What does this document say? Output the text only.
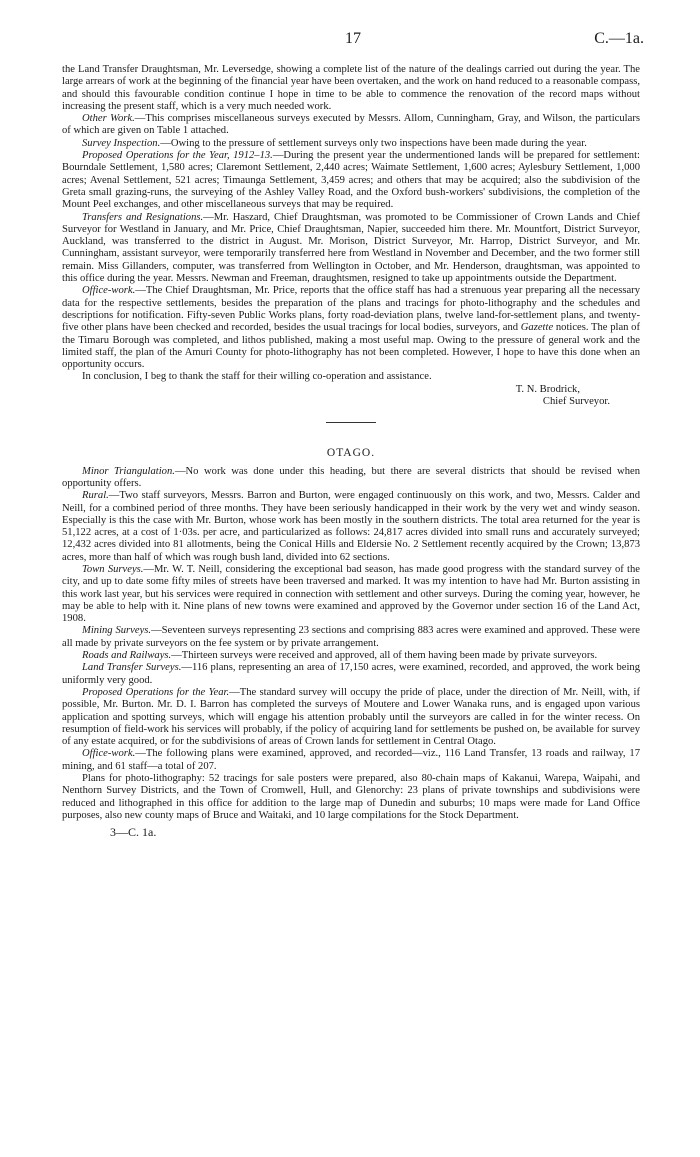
17	C.—1a.

the Land Transfer Draughtsman, Mr. Leversedge, showing a complete list of the nature of the dealings carried out during the year. The large arrears of work at the beginning of the financial year have been overtaken, and the work on hand reduced to a reasonable compass, and should this favourable condition continue I hope in time to be able to commence the renovation of the record maps without increasing the present staff, which is a very much needed work.

Other Work.—This comprises miscellaneous surveys executed by Messrs. Allom, Cunningham, Gray, and Wilson, the particulars of which are given on Table 1 attached.

Survey Inspection.—Owing to the pressure of settlement surveys only two inspections have been made during the year.

Proposed Operations for the Year, 1912–13.—During the present year the undermentioned lands will be prepared for settlement: Bourndale Settlement, 1,580 acres; Claremont Settlement, 2,440 acres; Waimate Settlement, 1,600 acres; Aylesbury Settlement, 1,000 acres; Avenal Settlement, 521 acres; Timaunga Settlement, 3,459 acres; and others that may be acquired; also the subdivision of the Greta small grazing-runs, the surveying of the Ashley Valley Road, and the Oxford bush-workers' subdivisions, the completion of the Mount Peel exchanges, and other miscellaneous surveys that may be required.

Transfers and Resignations.—Mr. Haszard, Chief Draughtsman, was promoted to be Commissioner of Crown Lands and Chief Surveyor for Westland in January, and Mr. Price, Chief Draughtsman, Napier, succeeded him there. Mr. Mountfort, District Surveyor, Auckland, was transferred to the district in August. Mr. Morison, District Surveyor, Mr. Harrop, District Surveyor, and Mr. Cunningham, assistant surveyor, were temporarily transferred here from Westland in November and December, and the two former still remain. Miss Gillanders, computer, was transferred from Wellington in October, and Mr. Henderson, draughtsman, was appointed to this office during the year. Messrs. Newman and Freeman, draughtsmen, resigned to take up appointments outside the Department.

Office-work.—The Chief Draughtsman, Mr. Price, reports that the office staff has had a strenuous year preparing all the necessary data for the respective settlements, besides the preparation of the plans and tracings for photo-lithography and the schedules and descriptions for notification. Fifty-seven Public Works plans, forty road-deviation plans, twelve land-for-settlement plans, and twenty-five other plans have been checked and recorded, besides the usual tracings for local bodies, surveyors, and Gazette notices. The plan of the Timaru Borough was completed, and lithos published, making a most useful map. Owing to the pressure of general work and the limited staff, the plan of the Amuri County for photo-lithography has not been completed. However, I hope to have this done when an opportunity occurs.

In conclusion, I beg to thank the staff for their willing co-operation and assistance.

T. N. Brodrick,
Chief Surveyor.
OTAGO.

Minor Triangulation.—No work was done under this heading, but there are several districts that should be revised when opportunity offers.

Rural.—Two staff surveyors, Messrs. Barron and Burton, were engaged continuously on this work, and two, Messrs. Calder and Neill, for a combined period of three months. They have been seriously handicapped in their work by the very wet and windy season. Especially is this the case with Mr. Burton, whose work has been mostly in the southern districts. The total area returned for the year is 51,122 acres, at a cost of 1·03s. per acre, and particularized as follows: 24,817 acres divided into small runs and accurately surveyed; 12,432 acres divided into 81 allotments, being the Conical Hills and Eldersie No. 2 Settlement recently acquired by the Crown; 13,873 acres, more than half of which was rough bush land, divided into 62 sections.

Town Surveys.—Mr. W. T. Neill, considering the exceptional bad season, has made good progress with the standard survey of the city, and up to date some fifty miles of streets have been traversed and marked. It was my intention to have had Mr. Burton assisting in this work last year, but his services were required in connection with settlement and other surveys. During the coming year, however, he may be able to help with it. Nine plans of new towns were examined and approved by the Governor under section 16 of the Land Act, 1908.

Mining Surveys.—Seventeen surveys representing 23 sections and comprising 883 acres were examined and approved. These were all made by private surveyors on the fee system or by private arrangement.

Roads and Railways.—Thirteen surveys were received and approved, all of them having been made by private surveyors.

Land Transfer Surveys.—116 plans, representing an area of 17,150 acres, were examined, recorded, and approved, the work being uniformly very good.

Proposed Operations for the Year.—The standard survey will occupy the pride of place, under the direction of Mr. Neill, with, if possible, Mr. Burton. Mr. D. I. Barron has completed the surveys of Moutere and Lower Wanaka runs, and is engaged upon various application and spotting surveys, which will engage his attention probably until the surveyors are called in for the winter recess. On resumption of field-work his services will probably, if the policy of acquiring land for settlements be pushed on, be available for survey of any estate acquired, or for the subdivisions of areas of Crown lands for settlement in Central Otago.

Office-work.—The following plans were examined, approved, and recorded—viz., 116 Land Transfer, 13 roads and railway, 17 mining, and 61 staff—a total of 207.

Plans for photo-lithography: 52 tracings for sale posters were prepared, also 80-chain maps of Kakanui, Warepa, Waipahi, and Nenthorn Survey Districts, and the Town of Cromwell, Hull, and Glenorchy: 23 plans of private townships and subdivisions were reduced and lithographed in this office for addition to the large map of Dunedin and suburbs; 10 maps were made for Land Office purposes, also new county maps of Bruce and Waitaki, and 10 large compilations for the Stock Department.

3—C. 1a.
